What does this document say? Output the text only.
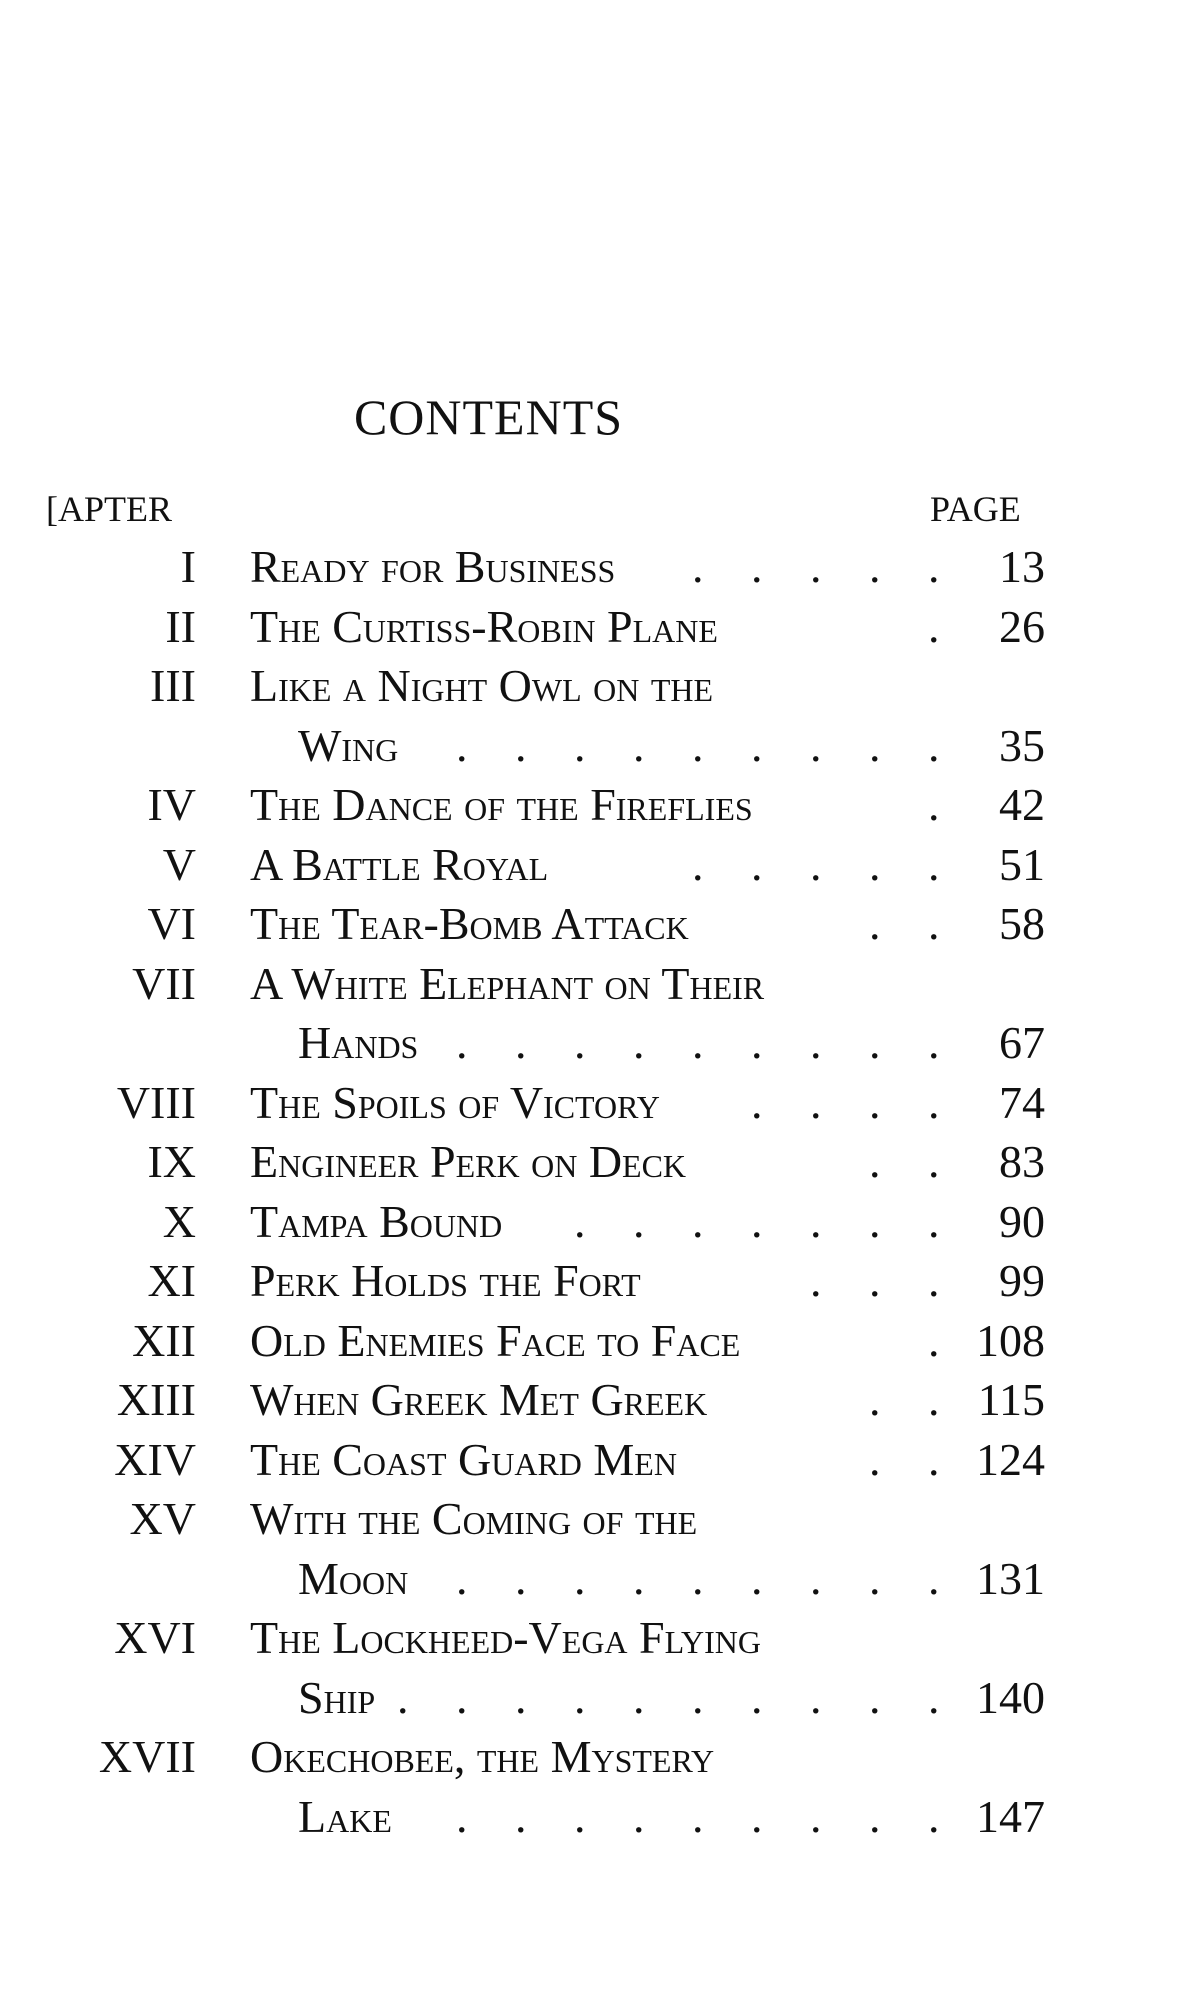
CONTENTS
[APTER	PAGE
I Ready for Business	13
. . . . .
II The Curtiss-Robin Plane	26
.
III Like a Night Owl on the
Wing	35
. . . . . . . . .
IV The Dance of the Fireflies	42
.
V A Battle Royal	51
. . . . .
VI The Tear-Bomb Attack	58
. .
VII A White Elephant on Their
Hands	67
. . . . . . . . .
VIII The Spoils of Victory	74
. . . .
IX Engineer Perk on Deck	83
. .
X Tampa Bound	90
. . . . . . .
XI Perk Holds the Fort	99
. . .
XII Old Enemies Face to Face	108
.
XIII When Greek Met Greek	115
. .
XIV The Coast Guard Men	124
. .
XV With the Coming of the
Moon	131
. . . . . . . . .
XVI The Lockheed-Vega Flying
Ship	140
. . . . . . . . . .
XVII Okechobee, the Mystery
Lake	147
. . . . . . . . .
